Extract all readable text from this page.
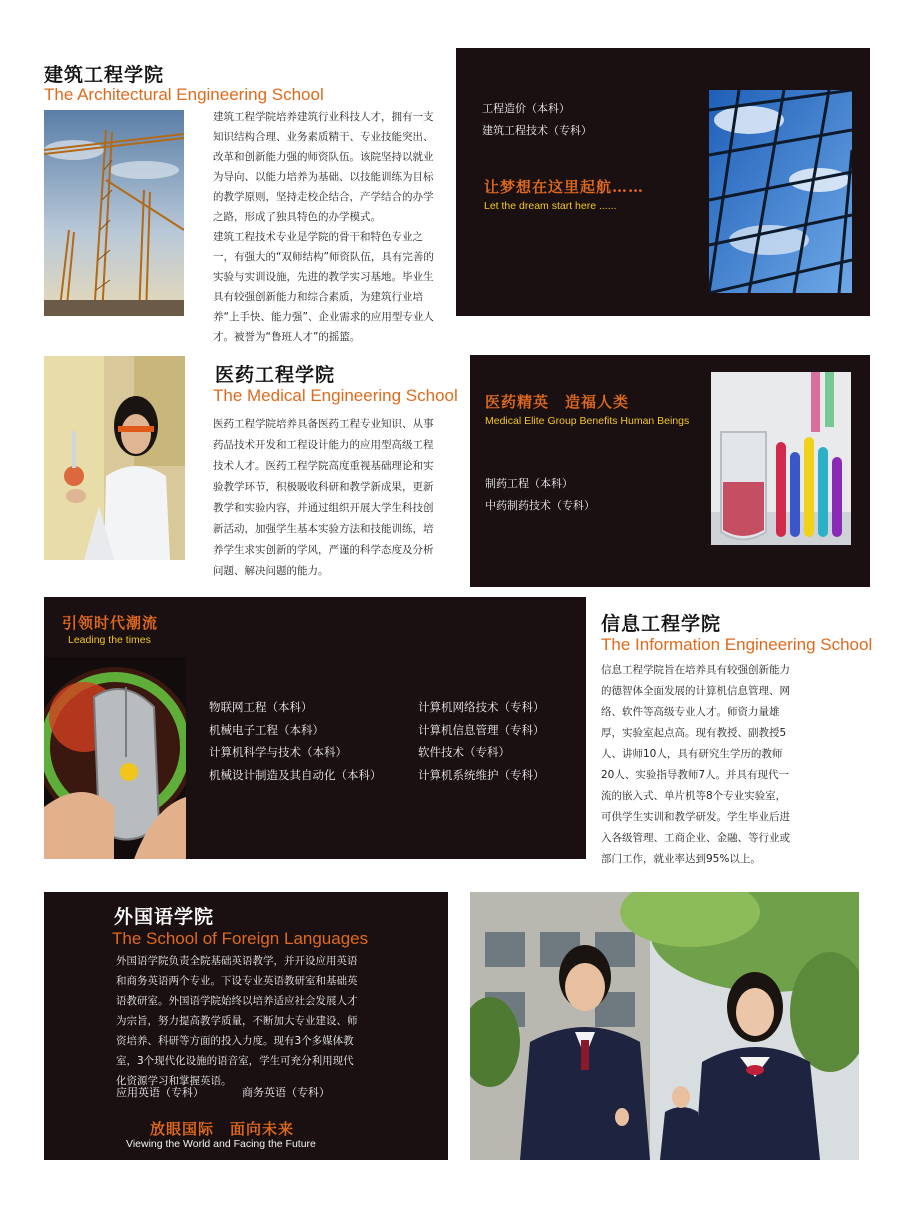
建筑工程学院
The Architectural Engineering School

建筑工程学院培养建筑行业科技人才，拥有一支知识结构合理、业务素质精干、专业技能突出、改革和创新能力强的师资队伍。该院坚持以就业为导向、以能力培养为基础、以技能训练为目标的教学原则，坚持走校企结合，产学结合的办学之路，形成了独具特色的办学模式。

建筑工程技术专业是学院的骨干和特色专业之一，有强大的“双师结构”师资队伍，具有完善的实验与实训设施，先进的教学实习基地。毕业生具有较强创新能力和综合素质，为建筑行业培养“上手快、能力强”、企业需求的应用型专业人才。被誉为“鲁班人才”的摇篮。

工程造价（本科）
建筑工程技术（专科）
让梦想在这里起航……
Let the dream start here ......
医药工程学院
The Medical Engineering School
医药工程学院培养具备医药工程专业知识、从事药品技术开发和工程设计能力的应用型高级工程技术人才。医药工程学院高度重视基础理论和实验教学环节，积极吸收科研和教学新成果，更新教学和实验内容，并通过组织开展大学生科技创新活动，加强学生基本实验方法和技能训练，培养学生求实创新的学风，严谨的科学态度及分析问题、解决问题的能力。
医药精英　造福人类
Medical Elite Group Benefits Human Beings
制药工程（本科）
中药制药技术（专科）
引领时代潮流
Leading the times
物联网工程（本科）
机械电子工程（本科）
计算机科学与技术（本科）
机械设计制造及其自动化（本科）
计算机网络技术（专科）
计算机信息管理（专科）
软件技术（专科）
计算机系统维护（专科）
信息工程学院
The Information Engineering School
信息工程学院旨在培养具有较强创新能力的德智体全面发展的计算机信息管理、网络、软件等高级专业人才。师资力量雄厚，实验室起点高。现有教授、副教授5人、讲师10人，具有研究生学历的教师20人、实验指导教师7人。并具有现代一流的嵌入式、单片机等8个专业实验室，可供学生实训和教学研发。学生毕业后进入各级管理、工商企业、金融、等行业或部门工作，就业率达到95%以上。
外国语学院
The School of Foreign Languages
外国语学院负责全院基础英语教学，并开设应用英语和商务英语两个专业。下设专业英语教研室和基础英语教研室。外国语学院始终以培养适应社会发展人才为宗旨，努力提高教学质量，不断加大专业建设、师资培养、科研等方面的投入力度。现有3个多媒体教室，3个现代化设施的语音室，学生可充分利用现代化资源学习和掌握英语。
应用英语（专科）	商务英语（专科）
放眼国际　面向未来
Viewing the World and Facing the Future
